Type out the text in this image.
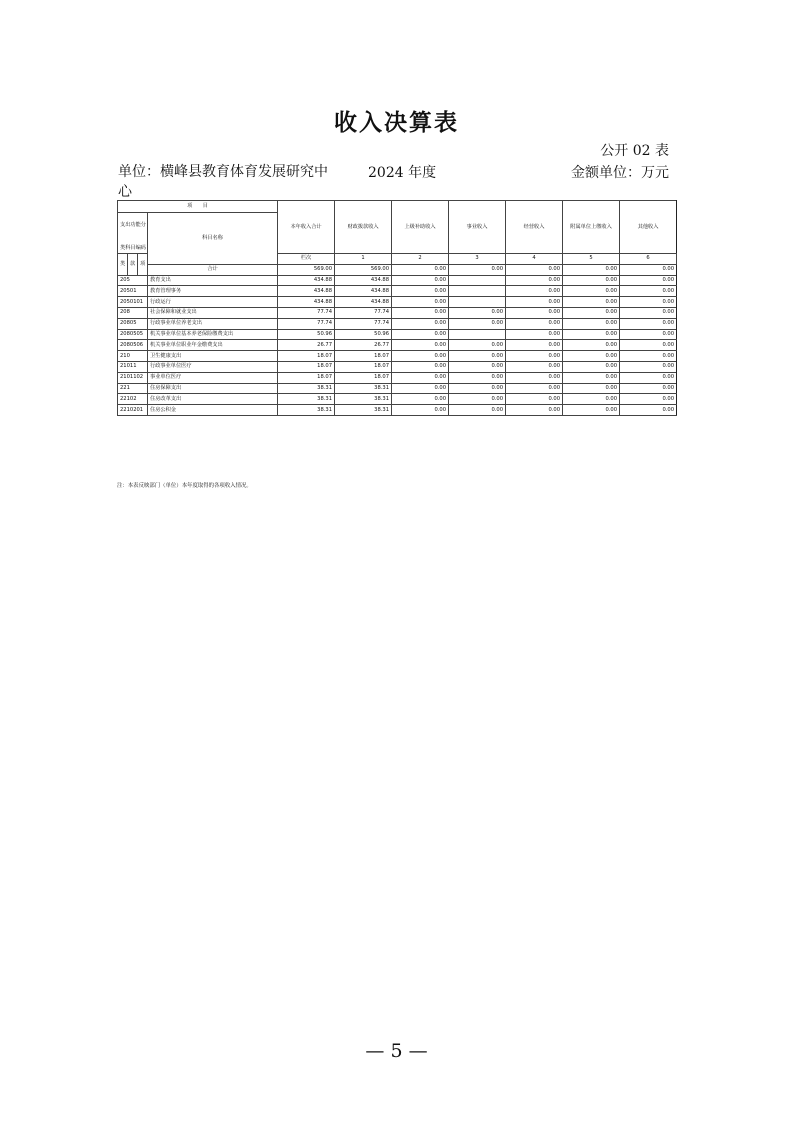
收入决算表
公开 02 表
单位：横峰县教育体育发展研究中心
2024 年度	金额单位：万元
项　　目				本年收入合计	财政拨款收入	上级补助收入	事业收入	经营收入	附属单位上缴收入	其他收入	

支出功能分
类科目编码			科目名称								

类	款	项		栏次	1	2	3	4	5	6	
			合计	569.00	569.00	0.00	0.00	0.00	0.00	0.00	
205			教育支出	434.88	434.88	0.00		0.00	0.00	0.00	
20501			教育管理事务	434.88	434.88	0.00		0.00	0.00	0.00	
2050101			行政运行	434.88	434.88	0.00		0.00	0.00	0.00	
208			社会保障和就业支出	77.74	77.74	0.00	0.00	0.00	0.00	0.00	
20805			行政事业单位养老支出	77.74	77.74	0.00	0.00	0.00	0.00	0.00	
2080505			机关事业单位基本养老保险缴费支出	50.96	50.96	0.00		0.00	0.00	0.00	
2080506			机关事业单位职业年金缴费支出	26.77	26.77	0.00	0.00	0.00	0.00	0.00	
210			卫生健康支出	18.07	18.07	0.00	0.00	0.00	0.00	0.00	
21011			行政事业单位医疗	18.07	18.07	0.00	0.00	0.00	0.00	0.00	
2101102			事业单位医疗	18.07	18.07	0.00	0.00	0.00	0.00	0.00	
221			住房保障支出	38.31	38.31	0.00	0.00	0.00	0.00	0.00	
22102			住房改革支出	38.31	38.31	0.00	0.00	0.00	0.00	0.00	
2210201			住房公积金	38.31	38.31	0.00	0.00	0.00	0.00	0.00	
注：本表反映部门（单位）本年度取得的各项收入情况。
— 5 —
